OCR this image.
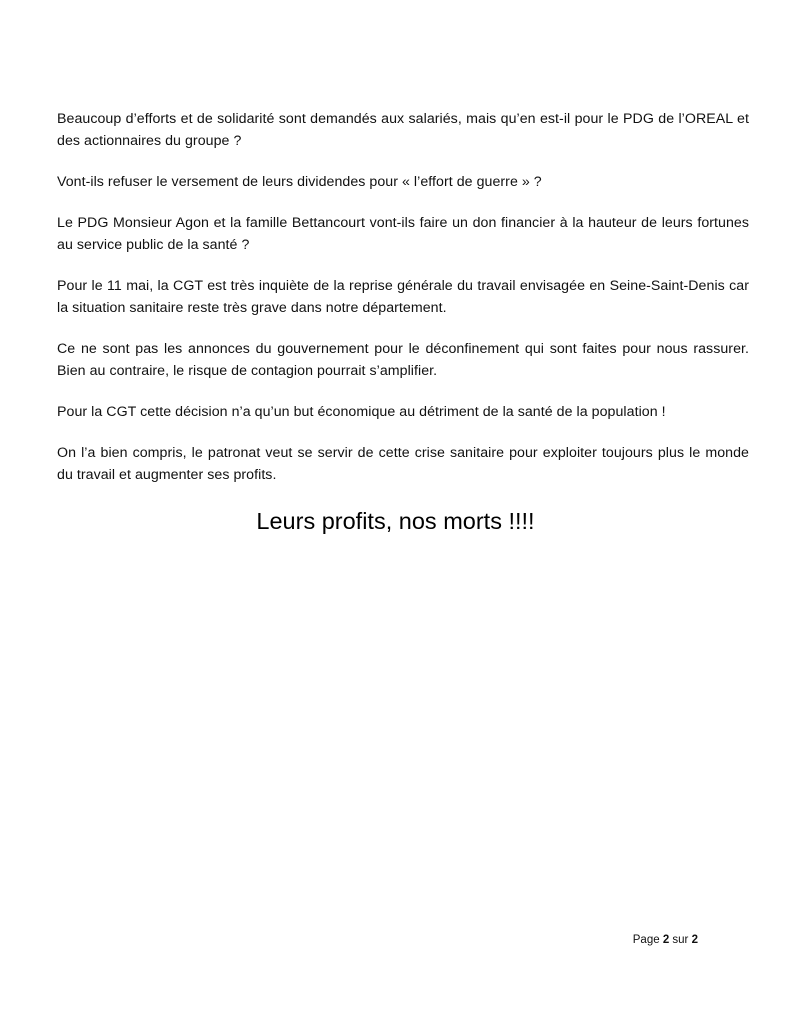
Beaucoup d’efforts et de solidarité sont demandés aux salariés, mais qu’en est-il pour le PDG de l’OREAL et des actionnaires du groupe ?

Vont-ils refuser le versement de leurs dividendes pour « l’effort de guerre » ?

Le PDG Monsieur Agon et la famille Bettancourt vont-ils faire un don financier à la hauteur de leurs fortunes au service public de la santé ?

Pour le 11 mai, la CGT est très inquiète de la reprise générale du travail envisagée en Seine-Saint-Denis car la situation sanitaire reste très grave dans notre département.

Ce ne sont pas les annonces du gouvernement pour le déconfinement qui sont faites pour nous rassurer. Bien au contraire, le risque de contagion pourrait s’amplifier.

Pour la CGT cette décision n’a qu’un but économique au détriment de la santé de la population !

On l’a bien compris, le patronat veut se servir de cette crise sanitaire pour exploiter toujours plus le monde du travail et augmenter ses profits.

Leurs profits, nos morts !!!!

Page 2 sur 2
